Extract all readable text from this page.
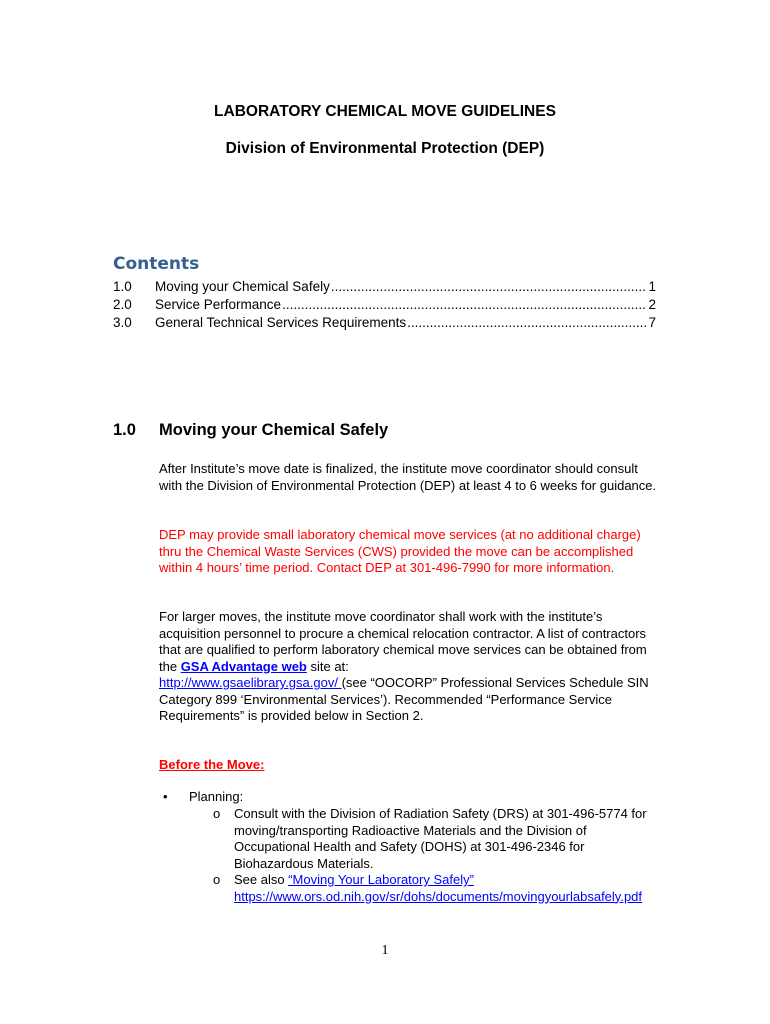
LABORATORY CHEMICAL MOVE GUIDELINES
Division of Environmental Protection (DEP)
Contents
1.0	Moving your Chemical Safely .....	1
2.0	Service Performance .....	2
3.0	General Technical Services Requirements .....	7
1.0 Moving your Chemical Safely
After Institute’s move date is finalized, the institute move coordinator should consult with the Division of Environmental Protection (DEP) at least 4 to 6 weeks for guidance.
DEP may provide small laboratory chemical move services (at no additional charge) thru the Chemical Waste Services (CWS) provided the move can be accomplished within 4 hours’ time period. Contact DEP at 301-496-7990 for more information.
For larger moves, the institute move coordinator shall work with the institute’s acquisition personnel to procure a chemical relocation contractor. A list of contractors that are qualified to perform laboratory chemical move services can be obtained from the GSA Advantage web site at:
http://www.gsaelibrary.gsa.gov/ (see “OOCORP” Professional Services Schedule SIN Category 899 ‘Environmental Services’). Recommended “Performance Service Requirements” is provided below in Section 2.
Before the Move:
• Planning:
o Consult with the Division of Radiation Safety (DRS) at 301-496-5774 for moving/transporting Radioactive Materials and the Division of Occupational Health and Safety (DOHS) at 301-496-2346 for Biohazardous Materials.
o See also “Moving Your Laboratory Safely”
https://www.ors.od.nih.gov/sr/dohs/documents/movingyourlabsafely.pdf
1
